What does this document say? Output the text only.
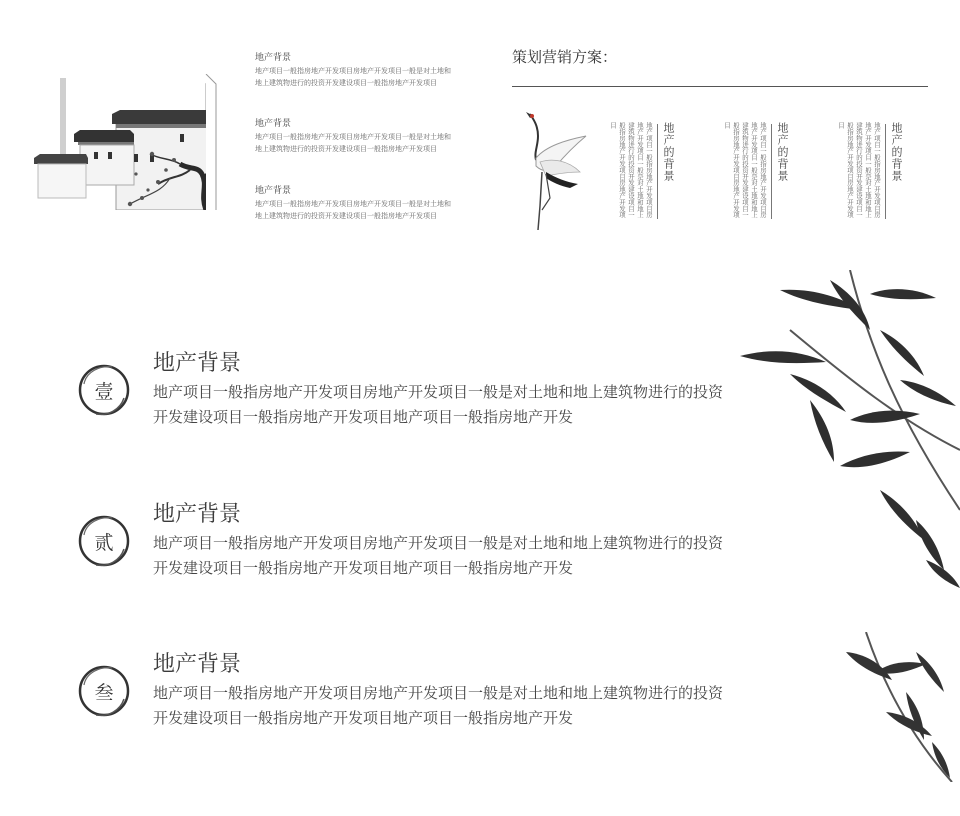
地产背景
地产项目一般指房地产开发项目房地产开发项目一般是对土地和地上建筑物进行的投资开发建设项目一般指房地产开发项目
地产背景
地产项目一般指房地产开发项目房地产开发项目一般是对土地和地上建筑物进行的投资开发建设项目一般指房地产开发项目
地产背景
地产项目一般指房地产开发项目房地产开发项目一般是对土地和地上建筑物进行的投资开发建设项目一般指房地产开发项目
策划营销方案：
地产的背景
地产项目一般指房地产开发项目房地产开发项目一般是对土地和地上建筑物进行的投资开发建设项目一般指房地产开发项目房地产开发项目	地产的背景
地产项目一般指房地产开发项目房地产开发项目一般是对土地和地上建筑物进行的投资开发建设项目一般指房地产开发项目房地产开发项目	地产的背景
地产项目一般指房地产开发项目房地产开发项目一般是对土地和地上建筑物进行的投资开发建设项目一般指房地产开发项目房地产开发项目
壹
地产背景
地产项目一般指房地产开发项目房地产开发项目一般是对土地和地上建筑物进行的投资开发建设项目一般指房地产开发项目地产项目一般指房地产开发
贰
地产背景
地产项目一般指房地产开发项目房地产开发项目一般是对土地和地上建筑物进行的投资开发建设项目一般指房地产开发项目地产项目一般指房地产开发
叁
地产背景
地产项目一般指房地产开发项目房地产开发项目一般是对土地和地上建筑物进行的投资开发建设项目一般指房地产开发项目地产项目一般指房地产开发
